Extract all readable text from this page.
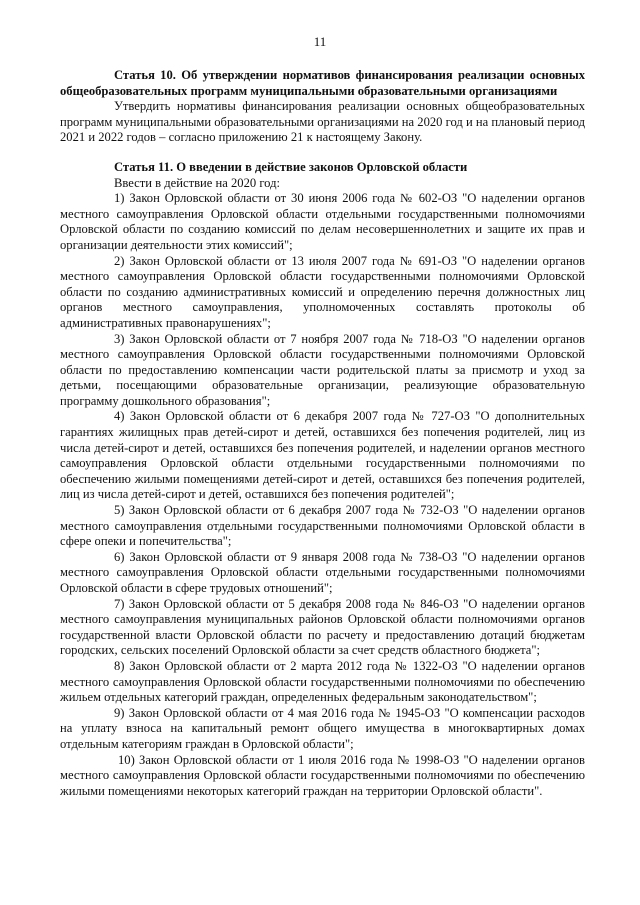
11

Статья 10. Об утверждении нормативов финансирования реализации основных общеобразовательных программ муниципальными образовательными организациями

Утвердить нормативы финансирования реализации основных общеобразовательных программ муниципальными образовательными организациями на 2020 год и на плановый период 2021 и 2022 годов – согласно приложению 21 к настоящему Закону.

Статья 11. О введении в действие законов Орловской области

Ввести в действие на 2020 год:

1) Закон Орловской области от 30 июня 2006 года № 602-ОЗ "О наделении органов местного самоуправления Орловской области отдельными государственными полномочиями Орловской области по созданию комиссий по делам несовершеннолетних и защите их прав и организации деятельности этих комиссий";

2) Закон Орловской области от 13 июля 2007 года № 691-ОЗ "О наделении органов местного самоуправления Орловской области государственными полномочиями Орловской области по созданию административных комиссий и определению перечня должностных лиц органов местного самоуправления, уполномоченных составлять протоколы об административных правонарушениях";

3) Закон Орловской области от 7 ноября 2007 года № 718-ОЗ "О наделении органов местного самоуправления Орловской области государственными полномочиями Орловской области по предоставлению компенсации части родительской платы за присмотр и уход за детьми, посещающими образовательные организации, реализующие образовательную программу дошкольного образования";

4) Закон Орловской области от 6 декабря 2007 года № 727-ОЗ "О дополнительных гарантиях жилищных прав детей-сирот и детей, оставшихся без попечения родителей, лиц из числа детей-сирот и детей, оставшихся без попечения родителей, и наделении органов местного самоуправления Орловской области отдельными государственными полномочиями по обеспечению жилыми помещениями детей-сирот и детей, оставшихся без попечения родителей, лиц из числа детей-сирот и детей, оставшихся без попечения родителей";

5) Закон Орловской области от 6 декабря 2007 года № 732-ОЗ "О наделении органов местного самоуправления отдельными государственными полномочиями Орловской области в сфере опеки и попечительства";

6) Закон Орловской области от 9 января 2008 года № 738-ОЗ "О наделении органов местного самоуправления Орловской области отдельными государственными полномочиями Орловской области в сфере трудовых отношений";

7) Закон Орловской области от 5 декабря 2008 года № 846-ОЗ "О наделении органов местного самоуправления муниципальных районов Орловской области полномочиями органов государственной власти Орловской области по расчету и предоставлению дотаций бюджетам городских, сельских поселений Орловской области за счет средств областного бюджета";

8) Закон Орловской области от 2 марта 2012 года № 1322-ОЗ "О наделении органов местного самоуправления Орловской области государственными полномочиями по обеспечению жильем отдельных категорий граждан, определенных федеральным законодательством";

9) Закон Орловской области от 4 мая 2016 года № 1945-ОЗ "О компенсации расходов на уплату взноса на капитальный ремонт общего имущества в многоквартирных домах отдельным категориям граждан в Орловской области";

10) Закон Орловской области от 1 июля 2016 года № 1998-ОЗ "О наделении органов местного самоуправления Орловской области государственными полномочиями по обеспечению жилыми помещениями некоторых категорий граждан на территории Орловской области".
